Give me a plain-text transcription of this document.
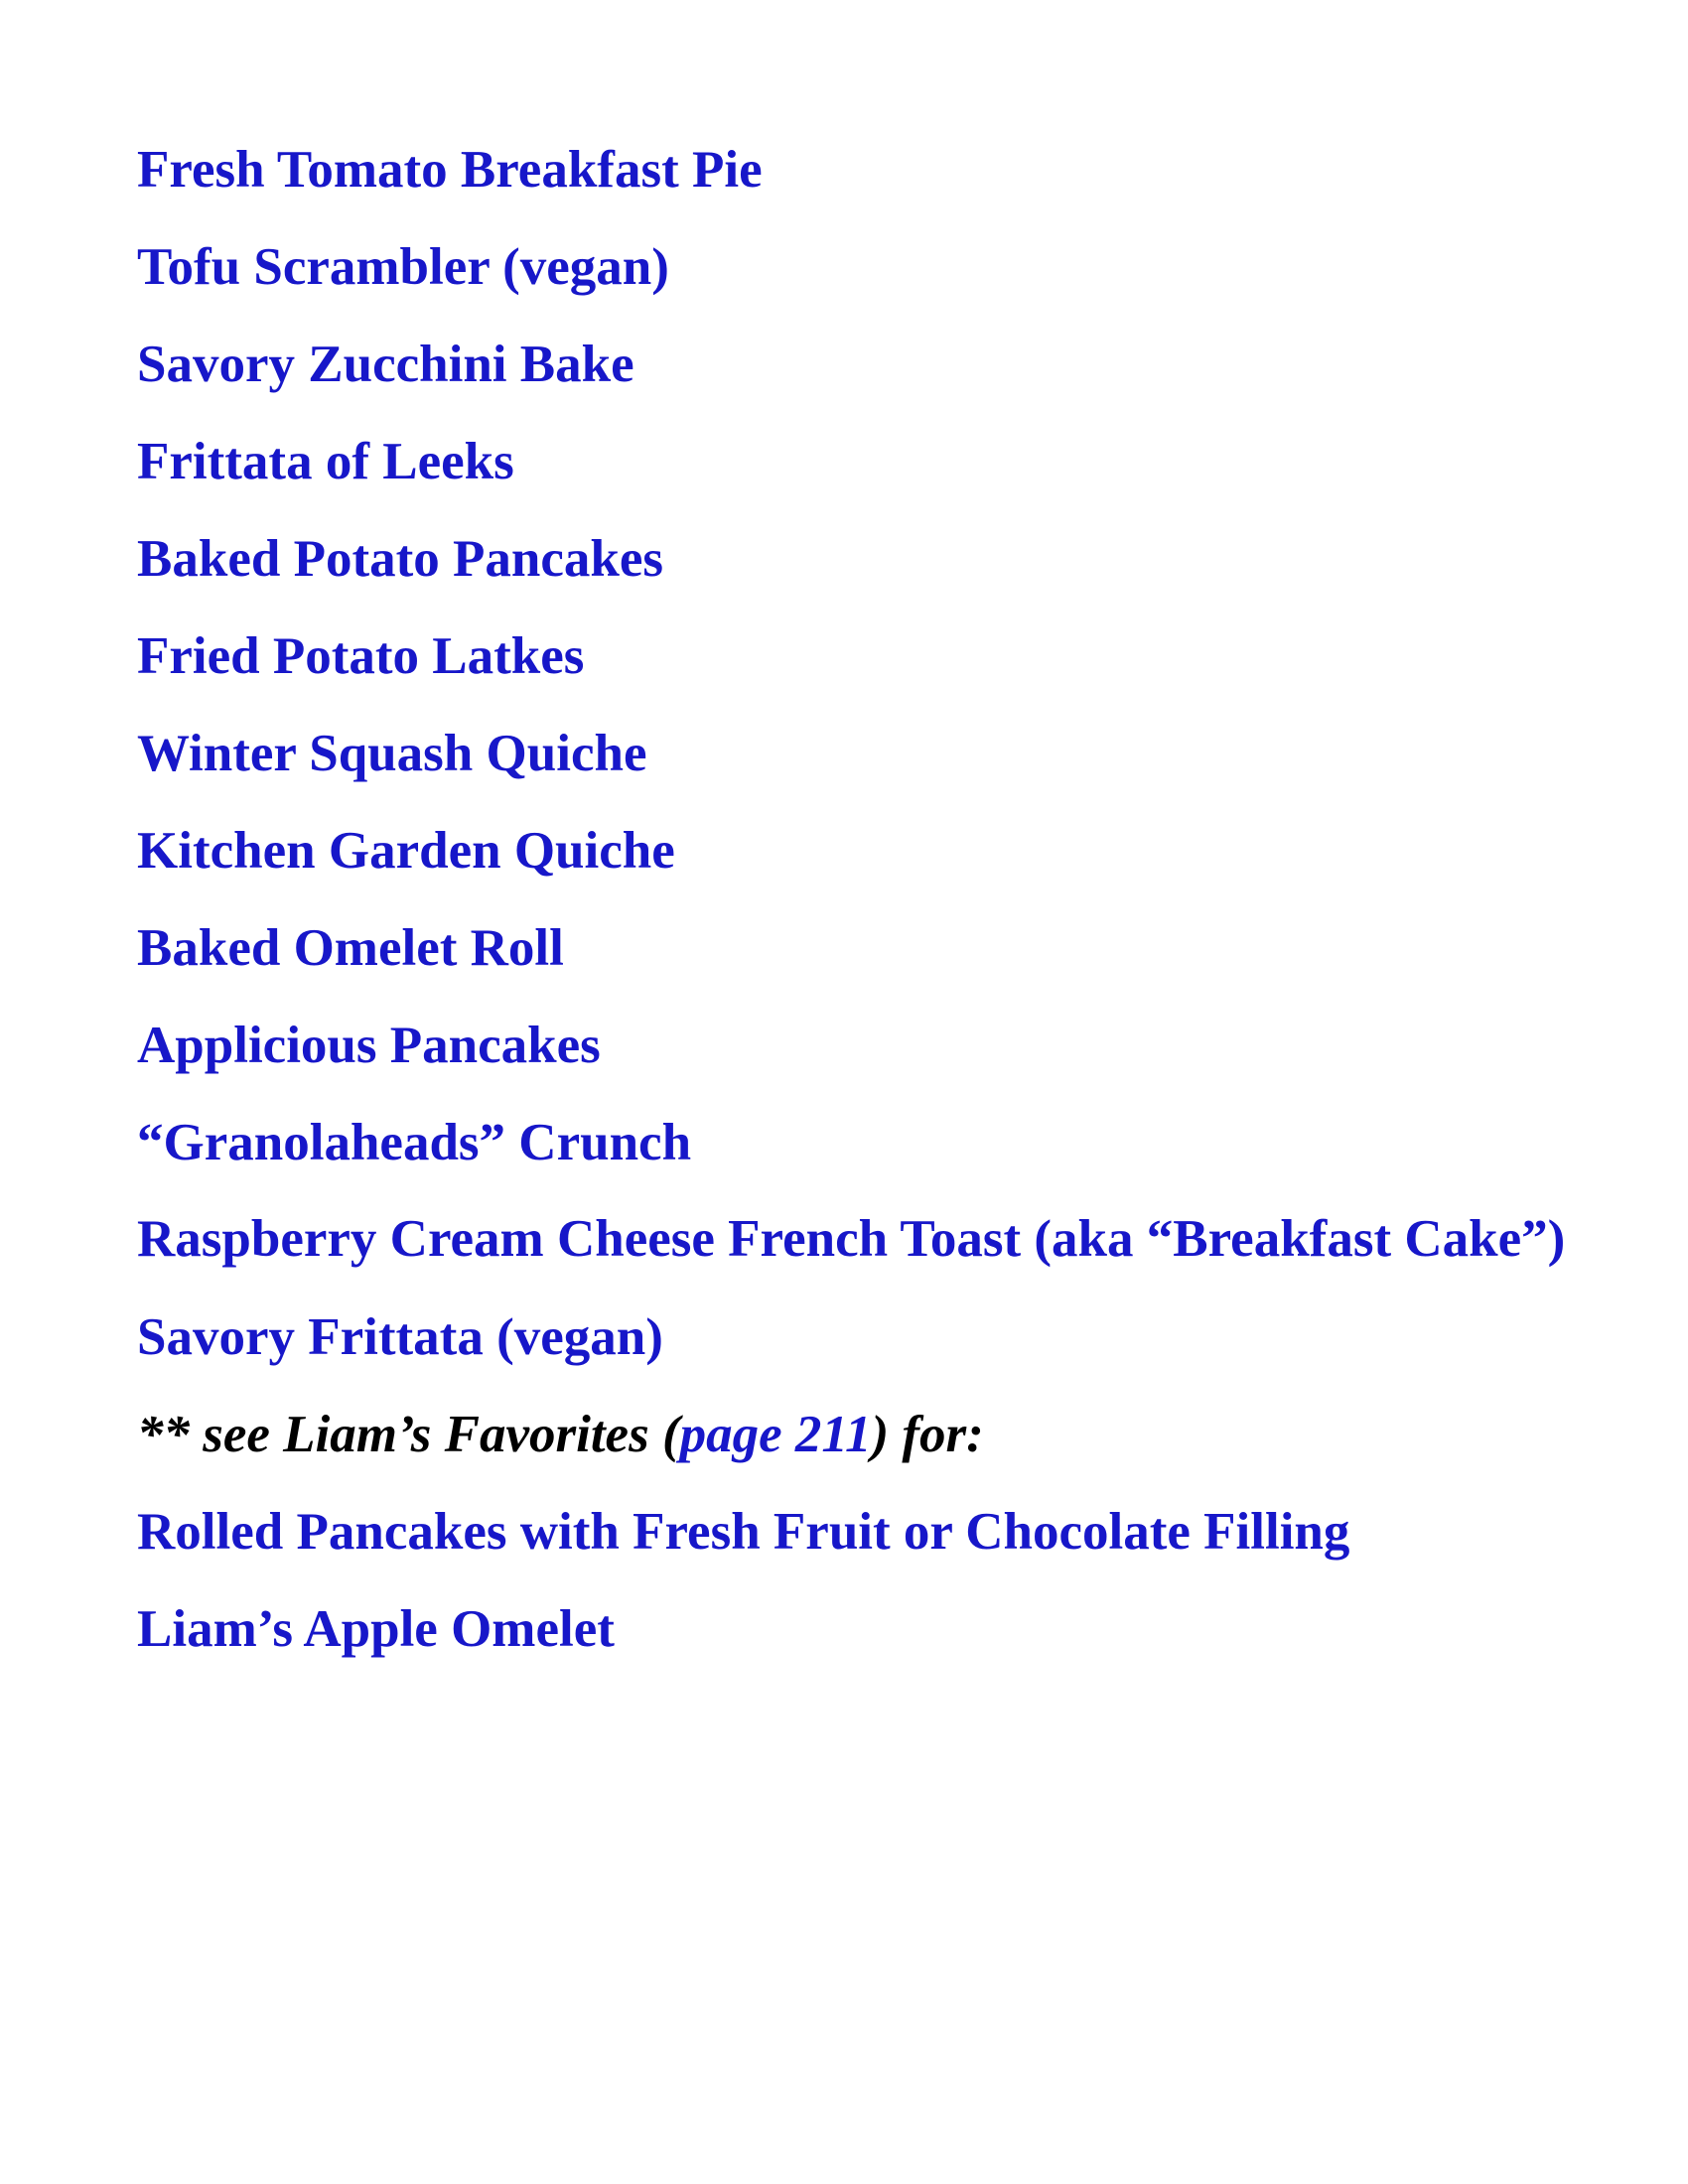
Fresh Tomato Breakfast Pie
Tofu Scrambler (vegan)
Savory Zucchini Bake
Frittata of Leeks
Baked Potato Pancakes
Fried Potato Latkes
Winter Squash Quiche
Kitchen Garden Quiche
Baked Omelet Roll
Applicious Pancakes
“Granolaheads” Crunch
Raspberry Cream Cheese French Toast (aka “Breakfast Cake”)
Savory Frittata (vegan)
** see Liam’s Favorites (page 211) for:
Rolled Pancakes with Fresh Fruit or Chocolate Filling
Liam’s Apple Omelet
